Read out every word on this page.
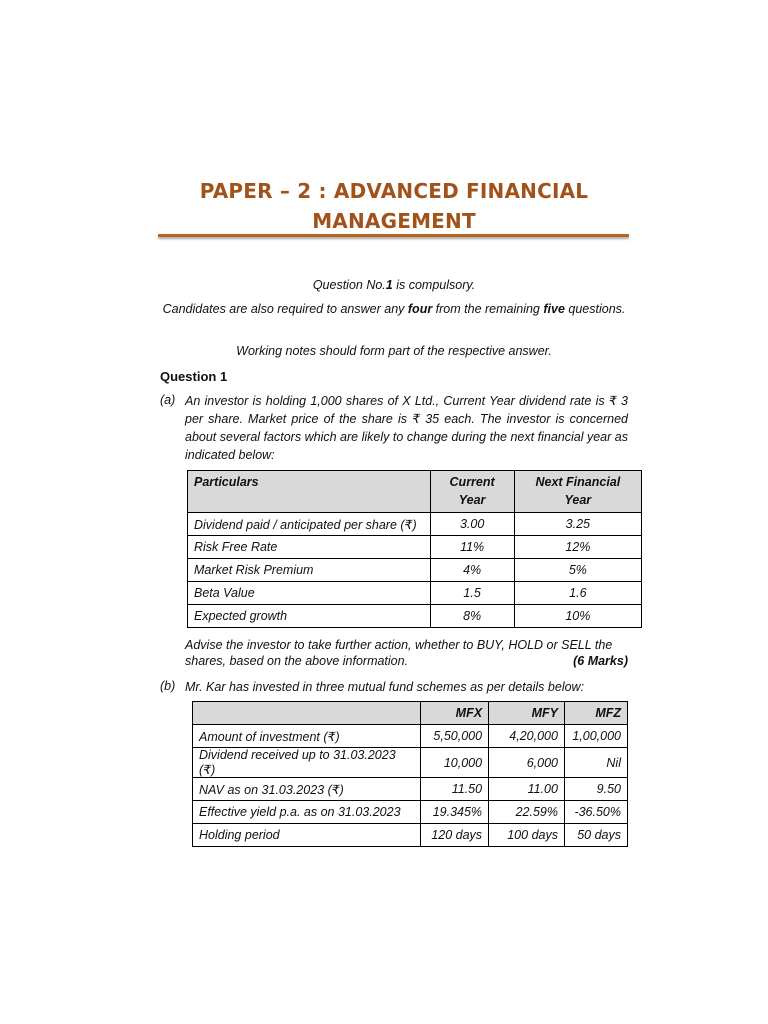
PAPER – 2 : ADVANCED FINANCIAL
MANAGEMENT
Question No.1 is compulsory.
Candidates are also required to answer any four from the remaining five questions.
Working notes should form part of the respective answer.
Question 1
(a) An investor is holding 1,000 shares of X Ltd., Current Year dividend rate is ₹ 3 per share. Market price of the share is ₹ 35 each. The investor is concerned about several factors which are likely to change during the next financial year as indicated below:
Particulars	Current Year	Next Financial Year
Dividend paid / anticipated per share (₹)	3.00	3.25
Risk Free Rate	11%	12%
Market Risk Premium	4%	5%
Beta Value	1.5	1.6
Expected growth	8%	10%
Advise the investor to take further action, whether to BUY, HOLD or SELL the
shares, based on the above information.	(6 Marks)
(b) Mr. Kar has invested in three mutual fund schemes as per details below:
	MFX	MFY	MFZ
Amount of investment (₹)	5,50,000	4,20,000	1,00,000
Dividend received up to 31.03.2023 (₹)	10,000	6,000	Nil
NAV as on 31.03.2023 (₹)	11.50	11.00	9.50
Effective yield p.a. as on 31.03.2023	19.345%	22.59%	-36.50%
Holding period	120 days	100 days	50 days
